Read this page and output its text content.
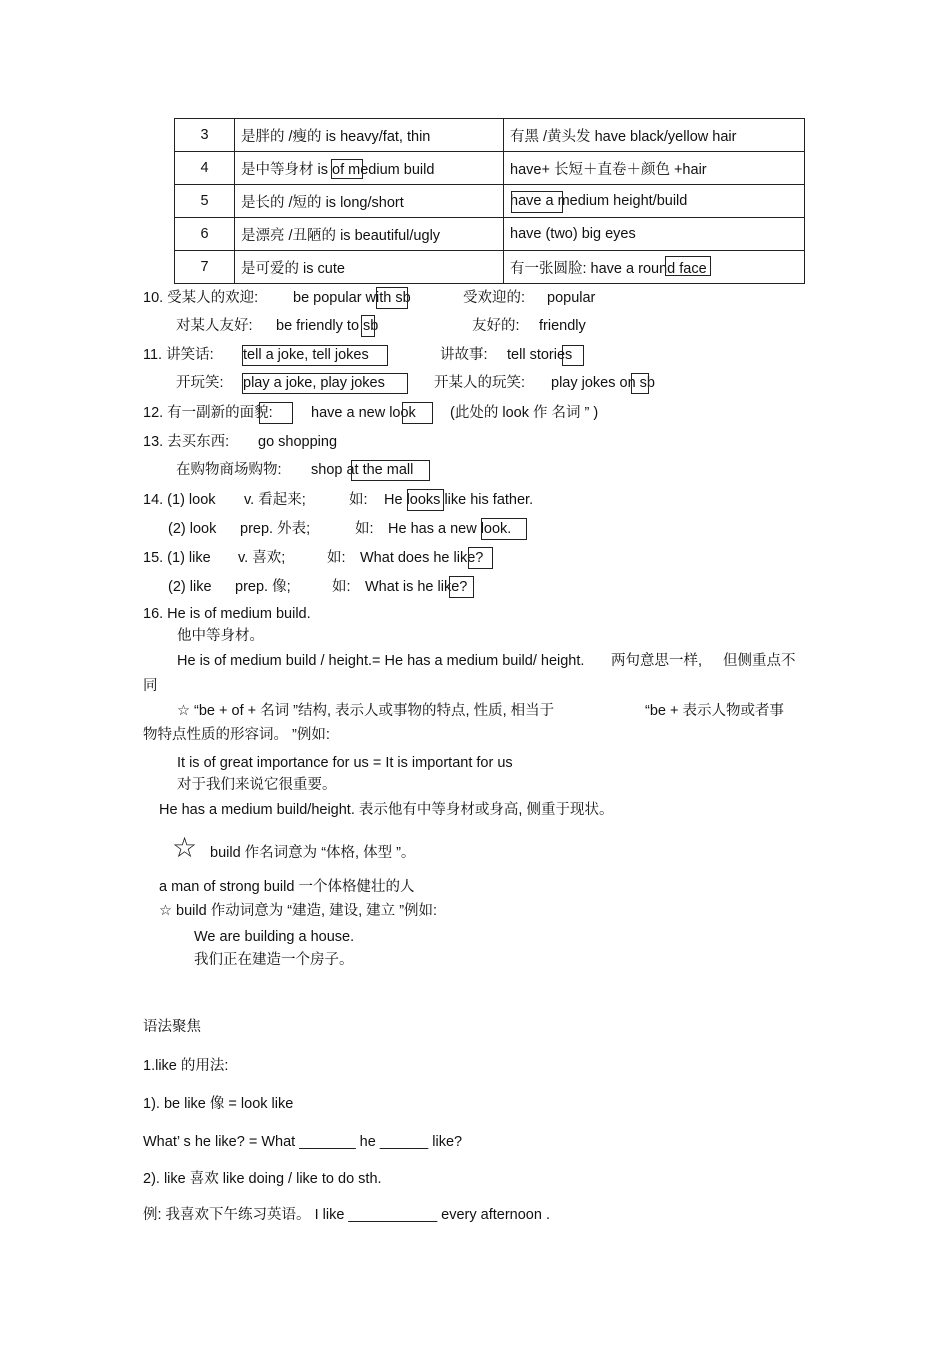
3	是胖的 /瘦的 is heavy/fat, thin	有黑 /黄头发 have black/yellow hair
4	是中等身材 is of medium build	have+ 长短＋直卷＋颜色 +hair
5	是长的 /短的 is long/short	have a medium height/build
6	是漂亮 /丑陋的 is beautiful/ugly	have (two) big eyes
7	是可爱的 is cute	有一张圆脸: have a round face
10. 受某人的欢迎: be popular with sb	受欢迎的: popular
对某人友好: be friendly to sb	友好的: friendly
11. 讲笑话: tell a joke, tell jokes	讲故事: tell stories
开玩笑: play a joke, play jokes	开某人的玩笑: play jokes on sb
12. 有一副新的面貌:	have a new look (此处的 look 作 名词 ” )
13. 去买东西: go shopping
在购物商场购物: shop at the mall
14. (1) look v. 看起来;	如: He looks like his father.
(2) look prep. 外表;	如: He has a new look.
15. (1) like v. 喜欢;	如: What does he like?
(2) like prep. 像;	如: What is he like?
16. He is of medium build.
他中等身材。
He is of medium build / height.= He has a medium build/ height. 两句意思一样, 但侧重点不
同
☆ “be + of + 名词 ”结构, 表示人或事物的特点, 性质, 相当于	“be + 表示人物或者事
物特点性质的形容词。 ”例如:
It is of great importance for us = It is important for us
对于我们来说它很重要。
He has a medium build/height. 表示他有中等身材或身高, 侧重于现状。
☆ build 作名词意为 “体格, 体型 ”。
a man of strong build 一个体格健壮的人
☆ build 作动词意为 “建造, 建设, 建立 ”例如:
We are building a house.
我们正在建造一个房子。
语法聚焦
1.like 的用法:
1). be like 像 = look like
What’ s he like? = What _______ he ______ like?
2). like 喜欢 like doing / like to do sth.
例: 我喜欢下午练习英语。 I like ___________ every afternoon .
